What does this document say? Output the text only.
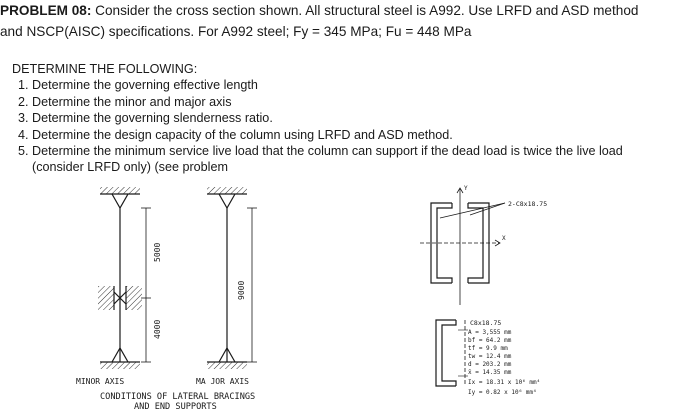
PROBLEM 08: Consider the cross section shown. All structural steel is A992. Use LRFD and ASD method
and NSCP(AISC) specifications. For A992 steel; Fy = 345 MPa; Fu = 448 MPa
DETERMINE THE FOLLOWING:
1. Determine the governing effective length
2. Determine the minor and major axis
3. Determine the governing slenderness ratio.
4. Determine the design capacity of the column using LRFD and ASD method.
5. Determine the minimum service live load that the column can support if the dead load is twice the live load
(consider LRFD only) (see problem
5000
4000
9000
MINOR AXIS	MA JOR AXIS
CONDITIONS OF LATERAL BRACINGS
AND END SUPPORTS
2-C8x18.75
Y
X
C8x18.75
A = 3,555 mm
bf = 64.2 mm
tf = 9.9 mm
tw = 12.4 mm
d = 203.2 mm
x̄ = 14.35 mm
Ix = 18.31 x 10⁶ mm⁴
Iy = 0.82 x 10⁶ mm⁴
